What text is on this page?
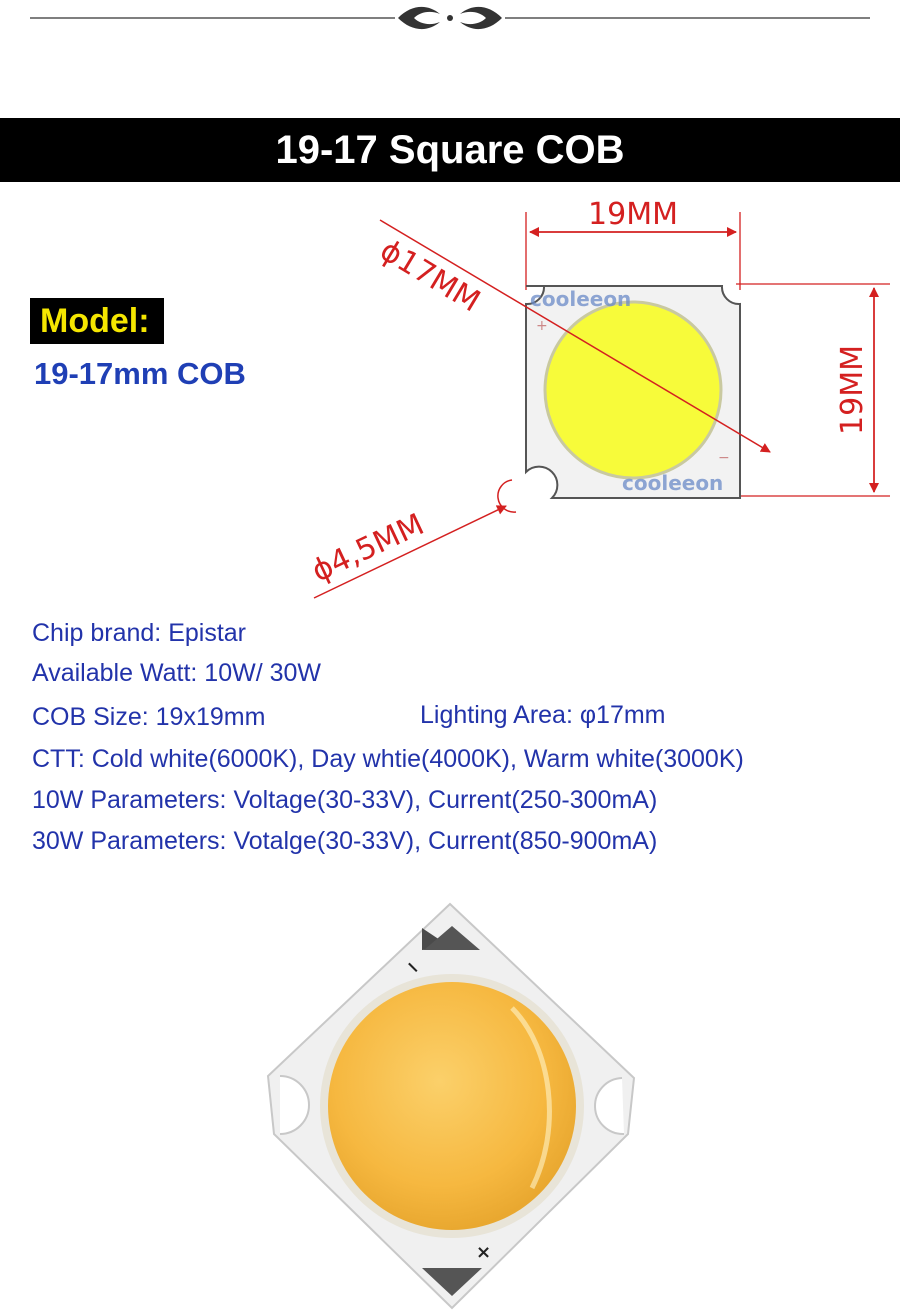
19-17 Square COB
Model:
19-17mm COB
19MM
19MM
cooleeon
cooleeon
+
−
ϕ17MM
ϕ4,5MM
Chip brand: Epistar
Available Watt: 10W/ 30W
COB Size: 19x19mm	Lighting Area: φ17mm
CTT: Cold white(6000K), Day whtie(4000K), Warm white(3000K)
10W Parameters: Voltage(30-33V), Current(250-300mA)
30W Parameters: Votalge(30-33V), Current(850-900mA)
−
×
